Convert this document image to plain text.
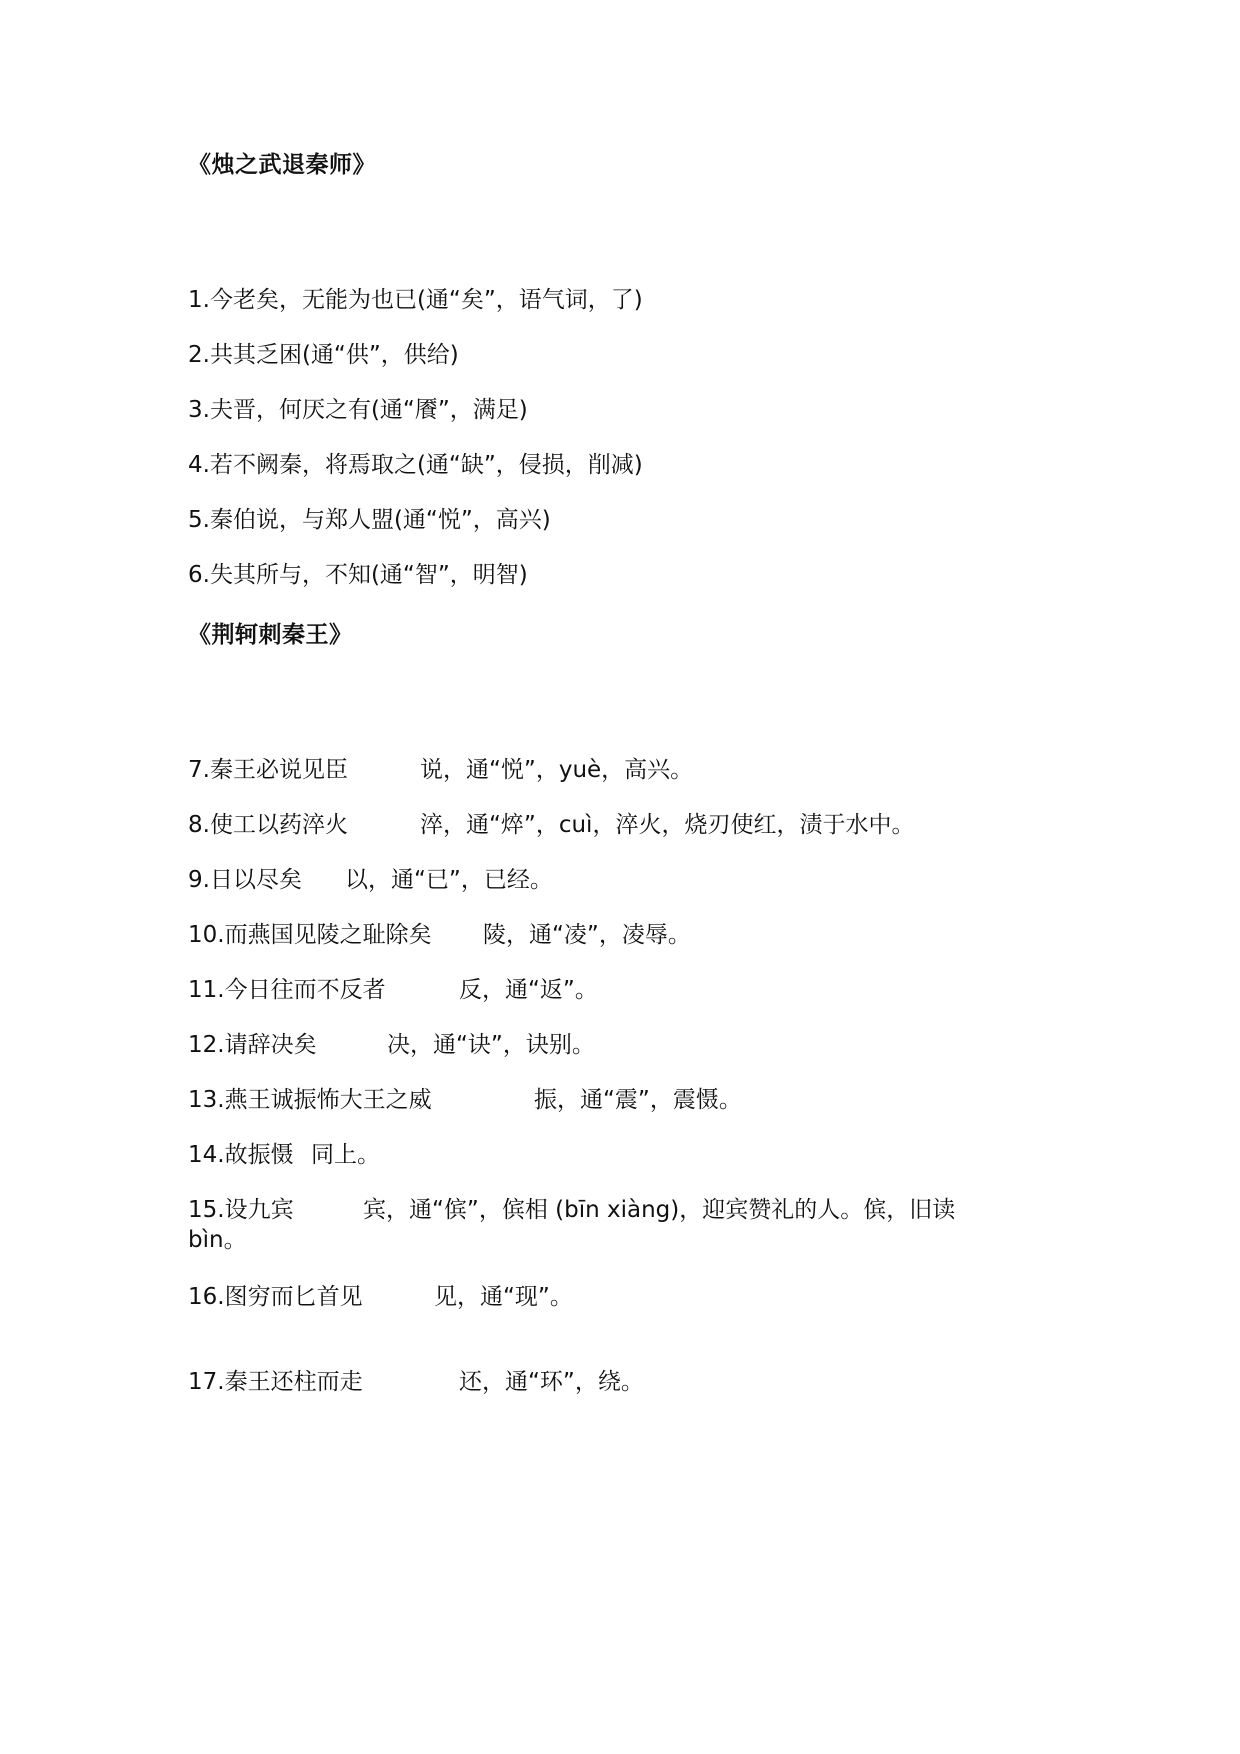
《烛之武退秦师》
1.今老矣，无能为也已(通“矣”，语气词，了)
2.共其乏困(通“供”，供给)
3.夫晋，何厌之有(通“餍”，满足)
4.若不阙秦，将焉取之(通“缺”，侵损，削减)
5.秦伯说，与郑人盟(通“悦”，高兴)
6.失其所与，不知(通“智”，明智)
《荆轲刺秦王》
7.秦王必说见臣	说，通“悦”，yuè，高兴。
8.使工以药淬火	淬，通“焠”，cuì，淬火，烧刃使红，渍于水中。
9.日以尽矣 以，通“已”，已经。
10.而燕国见陵之耻除矣 陵，通“凌”，凌辱。
11.今日往而不反者	反，通“返”。
12.请辞决矣	决，通“诀”，诀别。
13.燕王诚振怖大王之威	振，通“震”，震慑。
14.故振慑 同上。
15.设九宾	宾，通“傧”，傧相 (bīn xiàng)，迎宾赞礼的人。傧，旧读
bìn。
16.图穷而匕首见	见，通“现”。
17.秦王还柱而走	还，通“环”，绕。
